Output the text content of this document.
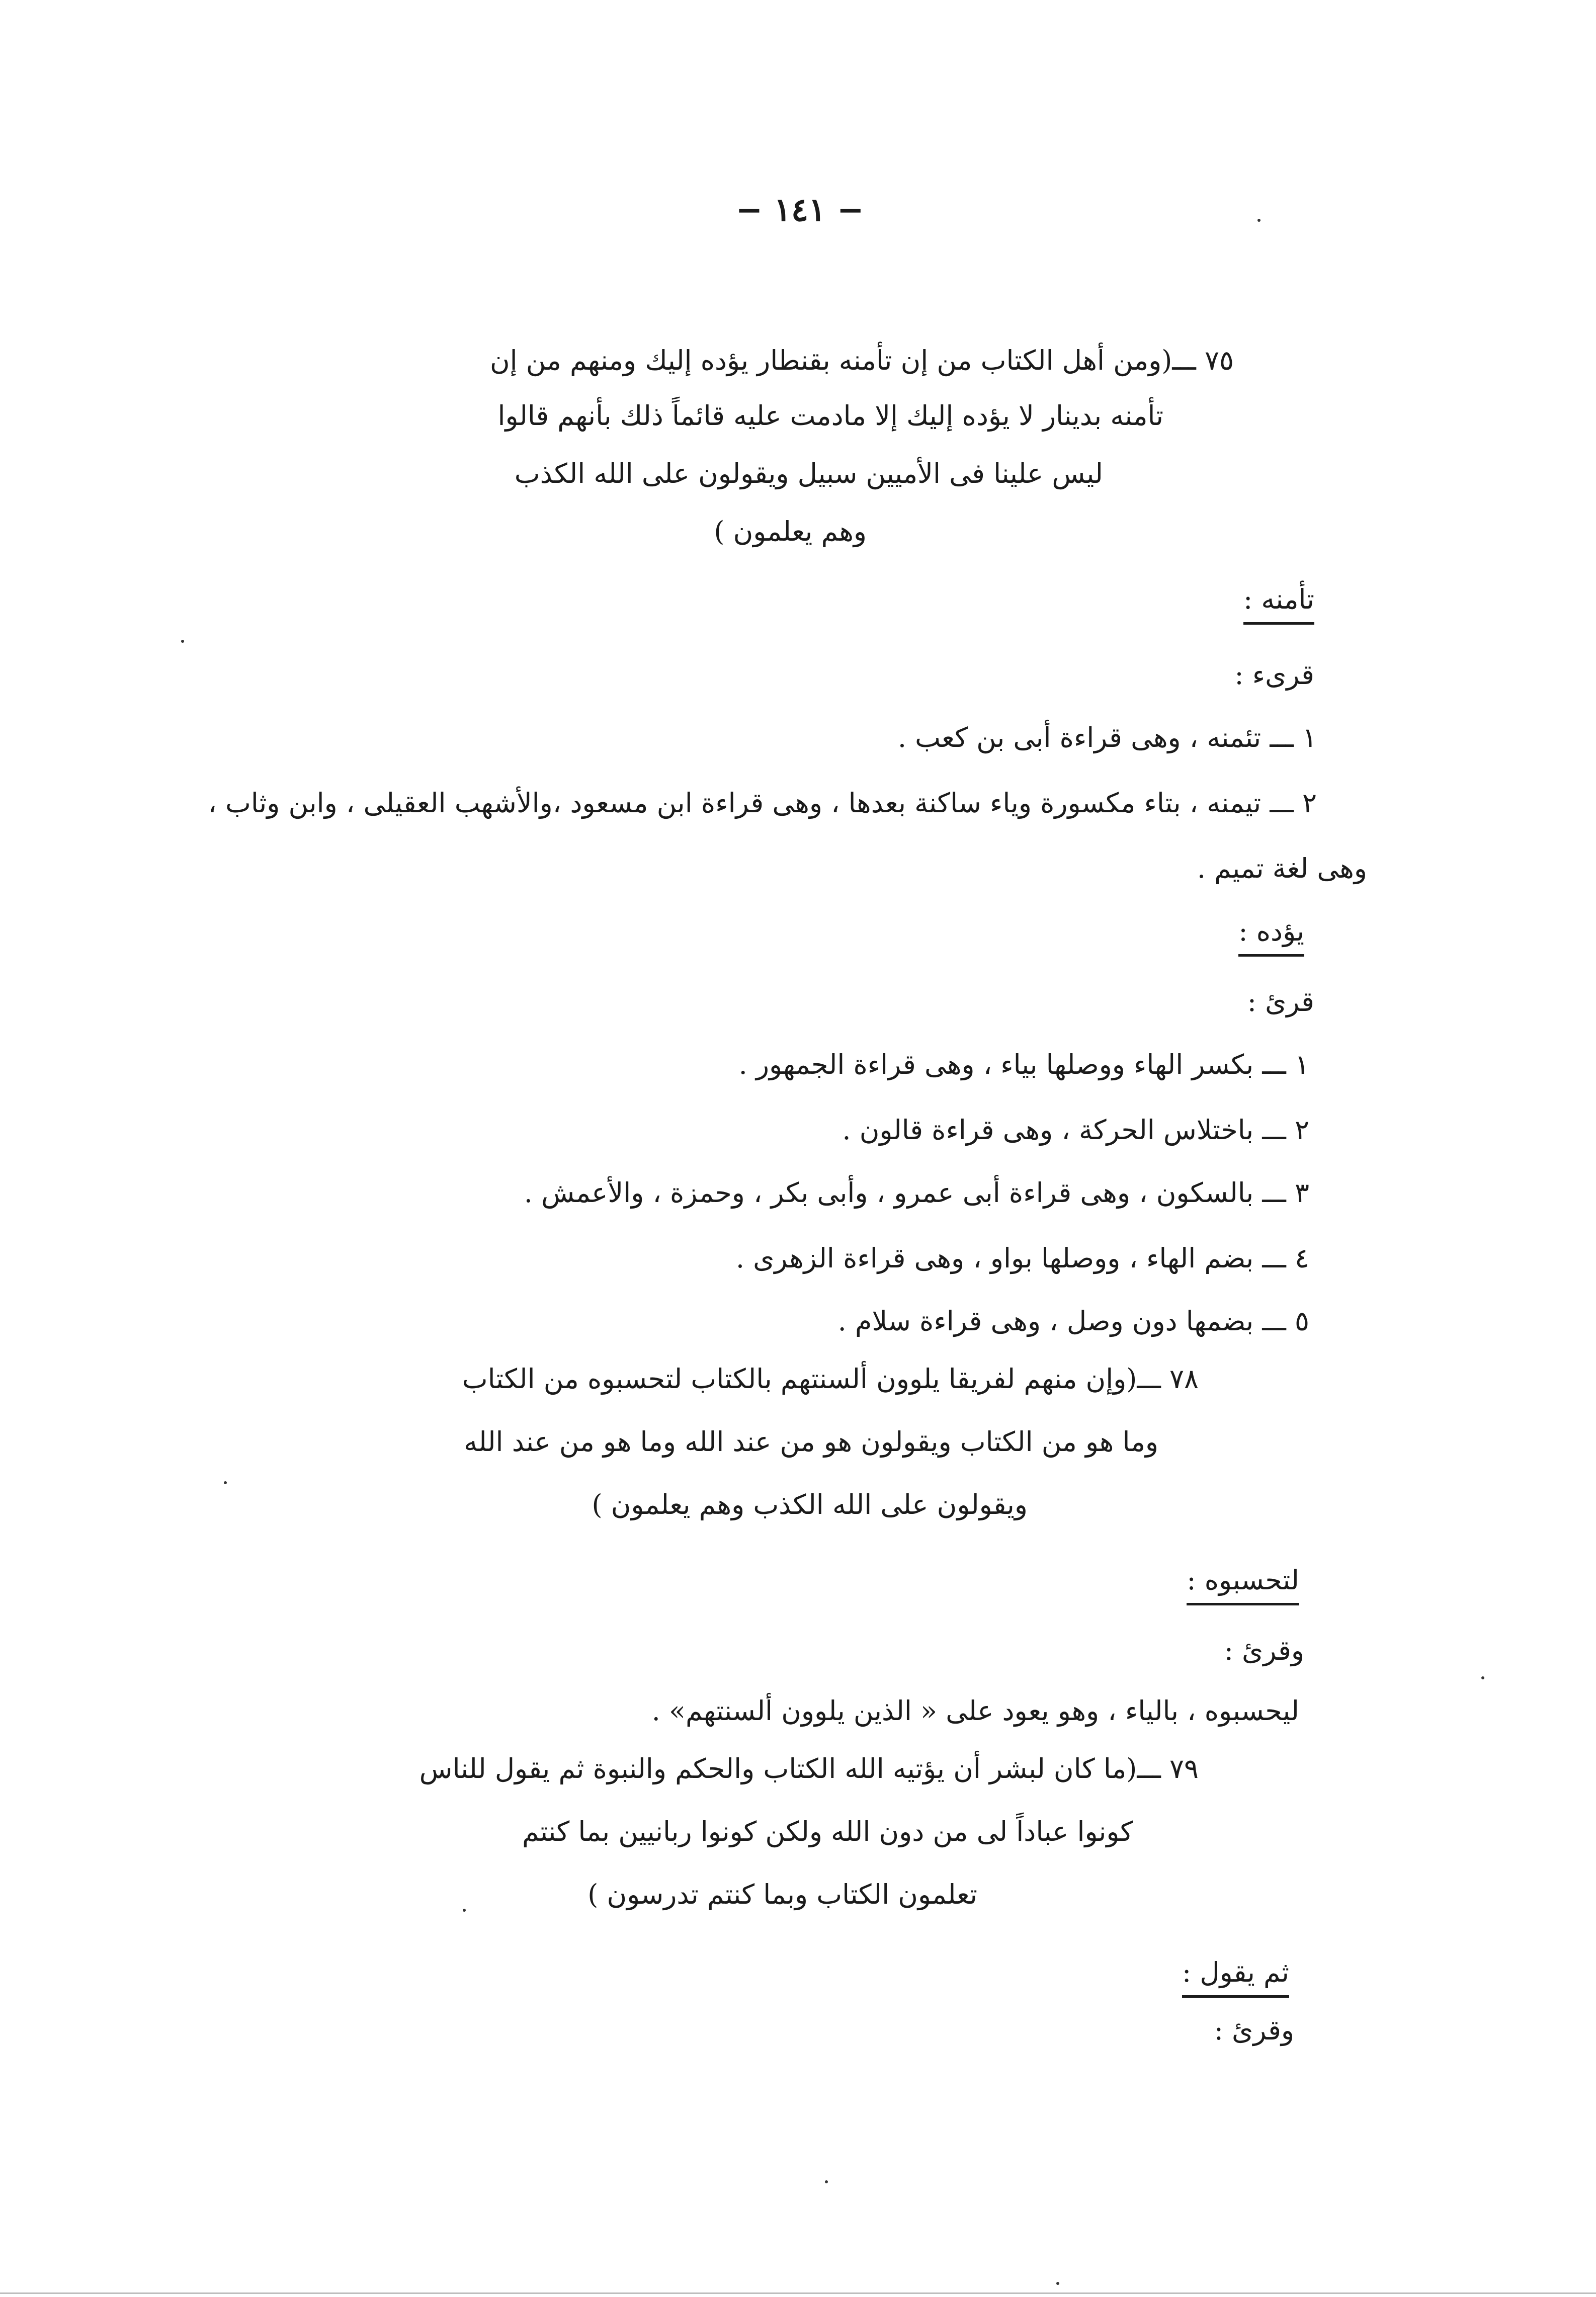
− ١٤١ −
٧٥ ـــ(ومن أهل الكتاب من إن تأمنه بقنطار يؤده إليك ومنهم من إن
تأمنه بدينار لا يؤده إليك إلا مادمت عليه قائماً ذلك بأنهم قالوا
ليس علينا فى الأميين سبيل ويقولون على الله الكذب
وهم يعلمون )
تأمنه :
قرىء :
١ ـــ تئمنه ، وهى قراءة أبى بن كعب .
٢ ـــ تيمنه ، بتاء مكسورة وياء ساكنة بعدها ، وهى قراءة ابن مسعود ،والأشهب العقيلى ، وابن وثاب ،
وهى لغة تميم .
يؤده :
قرئ :
١ ـــ بكسر الهاء ووصلها بياء ، وهى قراءة الجمهور .
٢ ـــ باختلاس الحركة ، وهى قراءة قالون .
٣ ـــ بالسكون ، وهى قراءة أبى عمرو ، وأبى بكر ، وحمزة ، والأعمش .
٤ ـــ بضم الهاء ، ووصلها بواو ، وهى قراءة الزهرى .
٥ ـــ بضمها دون وصل ، وهى قراءة سلام .
٧٨ ـــ(وإن منهم لفريقا يلوون ألسنتهم بالكتاب لتحسبوه من الكتاب
وما هو من الكتاب ويقولون هو من عند الله وما هو من عند الله
ويقولون على الله الكذب وهم يعلمون )
لتحسبوه :
وقرئ :
ليحسبوه ، بالياء ، وهو يعود على « الذين يلوون ألسنتهم» .
٧٩ ـــ(ما كان لبشر أن يؤتيه الله الكتاب والحكم والنبوة ثم يقول للناس
كونوا عباداً لى من دون الله ولكن كونوا ربانيين بما كنتم
تعلمون الكتاب وبما كنتم تدرسون )
ثم يقول :
وقرئ :
